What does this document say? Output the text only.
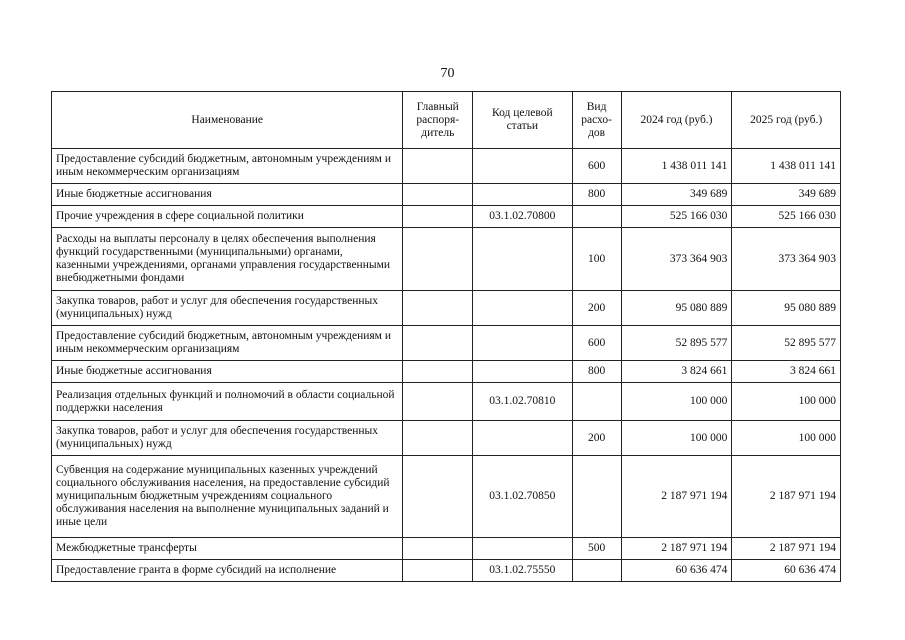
70
Наименование	Главный распоря-дитель	Код целевой статьи	Вид расхо-дов	2024 год (руб.)	2025 год (руб.)
Предоставление субсидий бюджетным, автономным учреждениям и иным некоммерческим организациям			600	1 438 011 141	1 438 011 141
Иные бюджетные ассигнования			800	349 689	349 689
Прочие учреждения в сфере социальной политики		03.1.02.70800		525 166 030	525 166 030
Расходы на выплаты персоналу в целях обеспечения выполнения функций государственными (муниципальными) органами, казенными учреждениями, органами управления государственными внебюджетными фондами			100	373 364 903	373 364 903
Закупка товаров, работ и услуг для обеспечения государственных (муниципальных) нужд			200	95 080 889	95 080 889
Предоставление субсидий бюджетным, автономным учреждениям и иным некоммерческим организациям			600	52 895 577	52 895 577
Иные бюджетные ассигнования			800	3 824 661	3 824 661
Реализация отдельных функций и полномочий в области социальной поддержки населения		03.1.02.70810		100 000	100 000
Закупка товаров, работ и услуг для обеспечения государственных (муниципальных) нужд			200	100 000	100 000
Субвенция на содержание муниципальных казенных учреждений социального обслуживания населения, на предоставление субсидий муниципальным бюджетным учреждениям социального обслуживания населения на выполнение муниципальных заданий и иные цели		03.1.02.70850		2 187 971 194	2 187 971 194
Межбюджетные трансферты			500	2 187 971 194	2 187 971 194
Предоставление гранта в форме субсидий на исполнение		03.1.02.75550		60 636 474	60 636 474
